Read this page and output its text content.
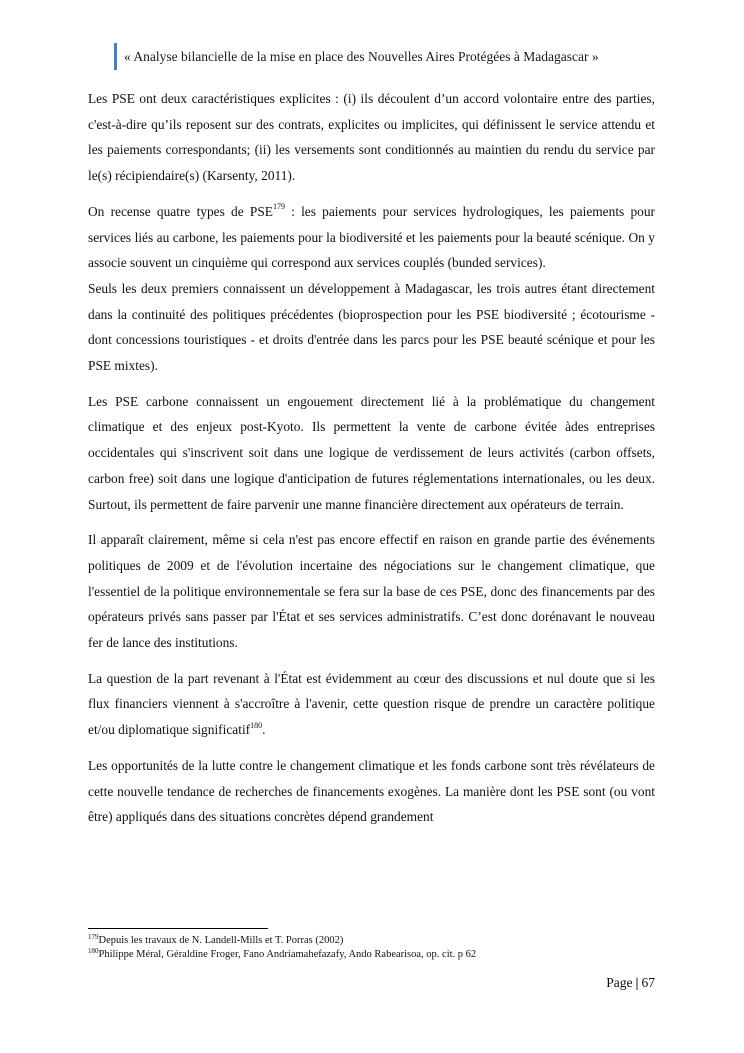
« Analyse bilancielle de la mise en place des Nouvelles Aires Protégées à Madagascar »

Les PSE ont deux caractéristiques explicites : (i) ils découlent d’un accord volontaire entre des parties, c'est-à-dire qu’ils reposent sur des contrats, explicites ou implicites, qui définissent le service attendu et les paiements correspondants; (ii) les versements sont conditionnés au maintien du rendu du service par le(s) récipiendaire(s) (Karsenty, 2011).

On recense quatre types de PSE$^{179}$ : les paiements pour services hydrologiques, les paiements pour services liés au carbone, les paiements pour la biodiversité et les paiements pour la beauté scénique. On y associe souvent un cinquième qui correspond aux services couplés (bunded services).

Seuls les deux premiers connaissent un développement à Madagascar, les trois autres étant directement dans la continuité des politiques précédentes (bioprospection pour les PSE biodiversité ; écotourisme - dont concessions touristiques - et droits d'entrée dans les parcs pour les PSE beauté scénique et pour les PSE mixtes).

Les PSE carbone connaissent un engouement directement lié à la problématique du changement climatique et des enjeux post-Kyoto. Ils permettent la vente de carbone évitée àdes entreprises occidentales qui s'inscrivent soit dans une logique de verdissement de leurs activités (carbon offsets, carbon free) soit dans une logique d'anticipation de futures réglementations internationales, ou les deux. Surtout, ils permettent de faire parvenir une manne financière directement aux opérateurs de terrain.

Il apparaît clairement, même si cela n'est pas encore effectif en raison en grande partie des événements politiques de 2009 et de l'évolution incertaine des négociations sur le changement climatique, que l'essentiel de la politique environnementale se fera sur la base de ces PSE, donc des financements par des opérateurs privés sans passer par l'État et ses services administratifs. C’est donc dorénavant le nouveau fer de lance des institutions.

La question de la part revenant à l'État est évidemment au cœur des discussions et nul doute que si les flux financiers viennent à s'accroître à l'avenir, cette question risque de prendre un caractère politique et/ou diplomatique significatif$^{180}$.

Les opportunités de la lutte contre le changement climatique et les fonds carbone sont très révélateurs de cette nouvelle tendance de recherches de financements exogènes. La manière dont les PSE sont (ou vont être) appliqués dans des situations concrètes dépend grandement

$^{179}$Depuis les travaux de N. Landell-Mills et T. Porras (2002)
$^{180}$Philippe Méral, Géraldine Froger, Fano Andriamahefazafy, Ando Rabearisoa, op. cit. p 62
Page | 67
